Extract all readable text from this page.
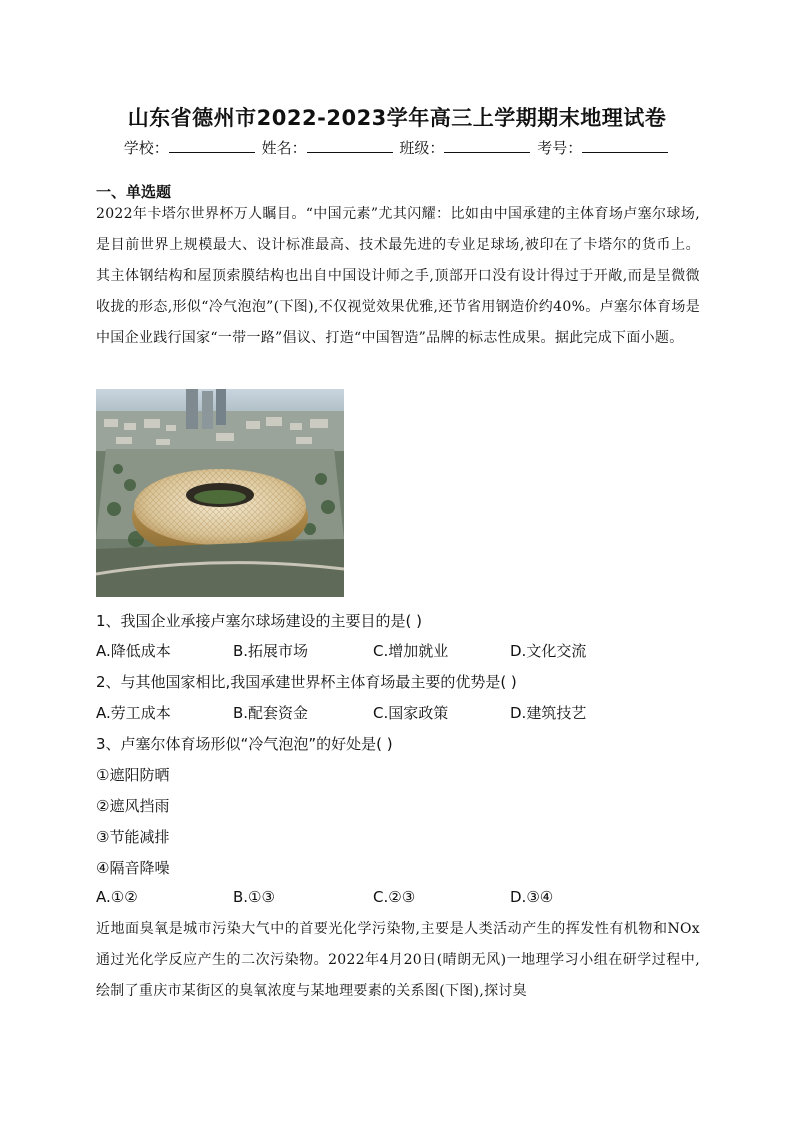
山东省德州市2022-2023学年高三上学期期末地理试卷
学校：	姓名：	班级：	考号：
一、单选题
2022年卡塔尔世界杯万人瞩目。“中国元素”尤其闪耀：比如由中国承建的主体育场卢塞尔球场,是目前世界上规模最大、设计标准最高、技术最先进的专业足球场,被印在了卡塔尔的货币上。其主体钢结构和屋顶索膜结构也出自中国设计师之手,顶部开口没有设计得过于开敞,而是呈微微收拢的形态,形似“冷气泡泡”(下图),不仅视觉效果优雅,还节省用钢造价约40%。卢塞尔体育场是中国企业践行国家“一带一路”倡议、打造“中国智造”品牌的标志性成果。据此完成下面小题。
1、我国企业承接卢塞尔球场建设的主要目的是( )
A.降低成本	B.拓展市场	C.增加就业	D.文化交流
2、与其他国家相比,我国承建世界杯主体育场最主要的优势是( )
A.劳工成本	B.配套资金	C.国家政策	D.建筑技艺
3、卢塞尔体育场形似“冷气泡泡”的好处是( )
①遮阳防晒
②遮风挡雨
③节能减排
④隔音降噪
A.①②	B.①③	C.②③	D.③④
近地面臭氧是城市污染大气中的首要光化学污染物,主要是人类活动产生的挥发性有机物和NOx通过光化学反应产生的二次污染物。2022年4月20日(晴朗无风)一地理学习小组在研学过程中,绘制了重庆市某街区的臭氧浓度与某地理要素的关系图(下图),探讨臭
